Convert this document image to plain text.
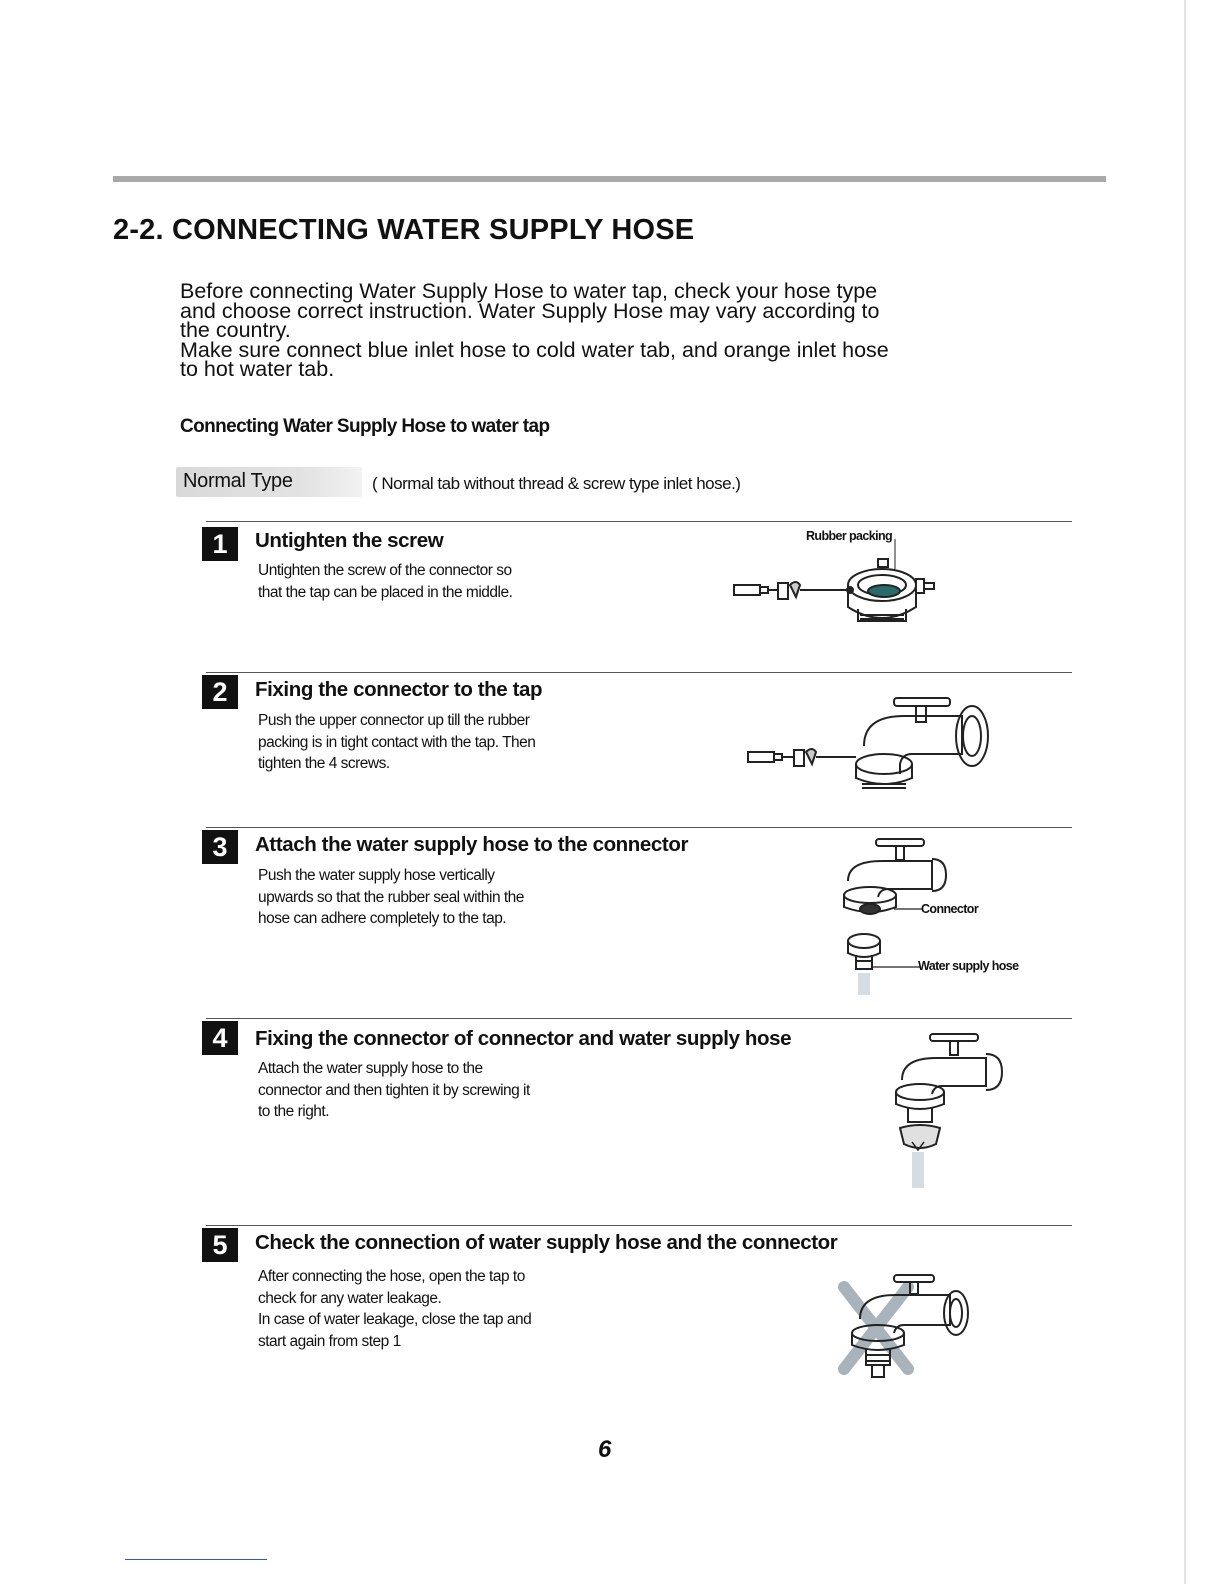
2-2. CONNECTING WATER SUPPLY HOSE

Before connecting Water Supply Hose to water tap, check your hose type

and choose correct instruction. Water Supply Hose may vary according to

the country.

Make sure connect blue inlet hose to cold water tab, and orange inlet hose

to hot water tab.

Connecting Water Supply Hose to water tap
Normal Type	( Normal tab without thread & screw type inlet hose.)
1	Untighten the screw

Untighten the screw of the connector so

that the tap can be placed in the middle.

Rubber packing
2	Fixing the connector to the tap

Push the upper connector up till the rubber

packing is in tight contact with the tap. Then

tighten the 4 screws.

3	Attach the water supply hose to the connector

Push the water supply hose vertically

upwards so that the rubber seal within the

hose can adhere completely to the tap.

Connector
Water supply hose
4	Fixing the connector of connector and water supply hose

Attach the water supply hose to the

connector and then tighten it by screwing it

to the right.

5	Check the connection of water supply hose and the connector

After connecting the hose, open the tap to

check for any water leakage.

In case of water leakage, close the tap and

start again from step 1

6
